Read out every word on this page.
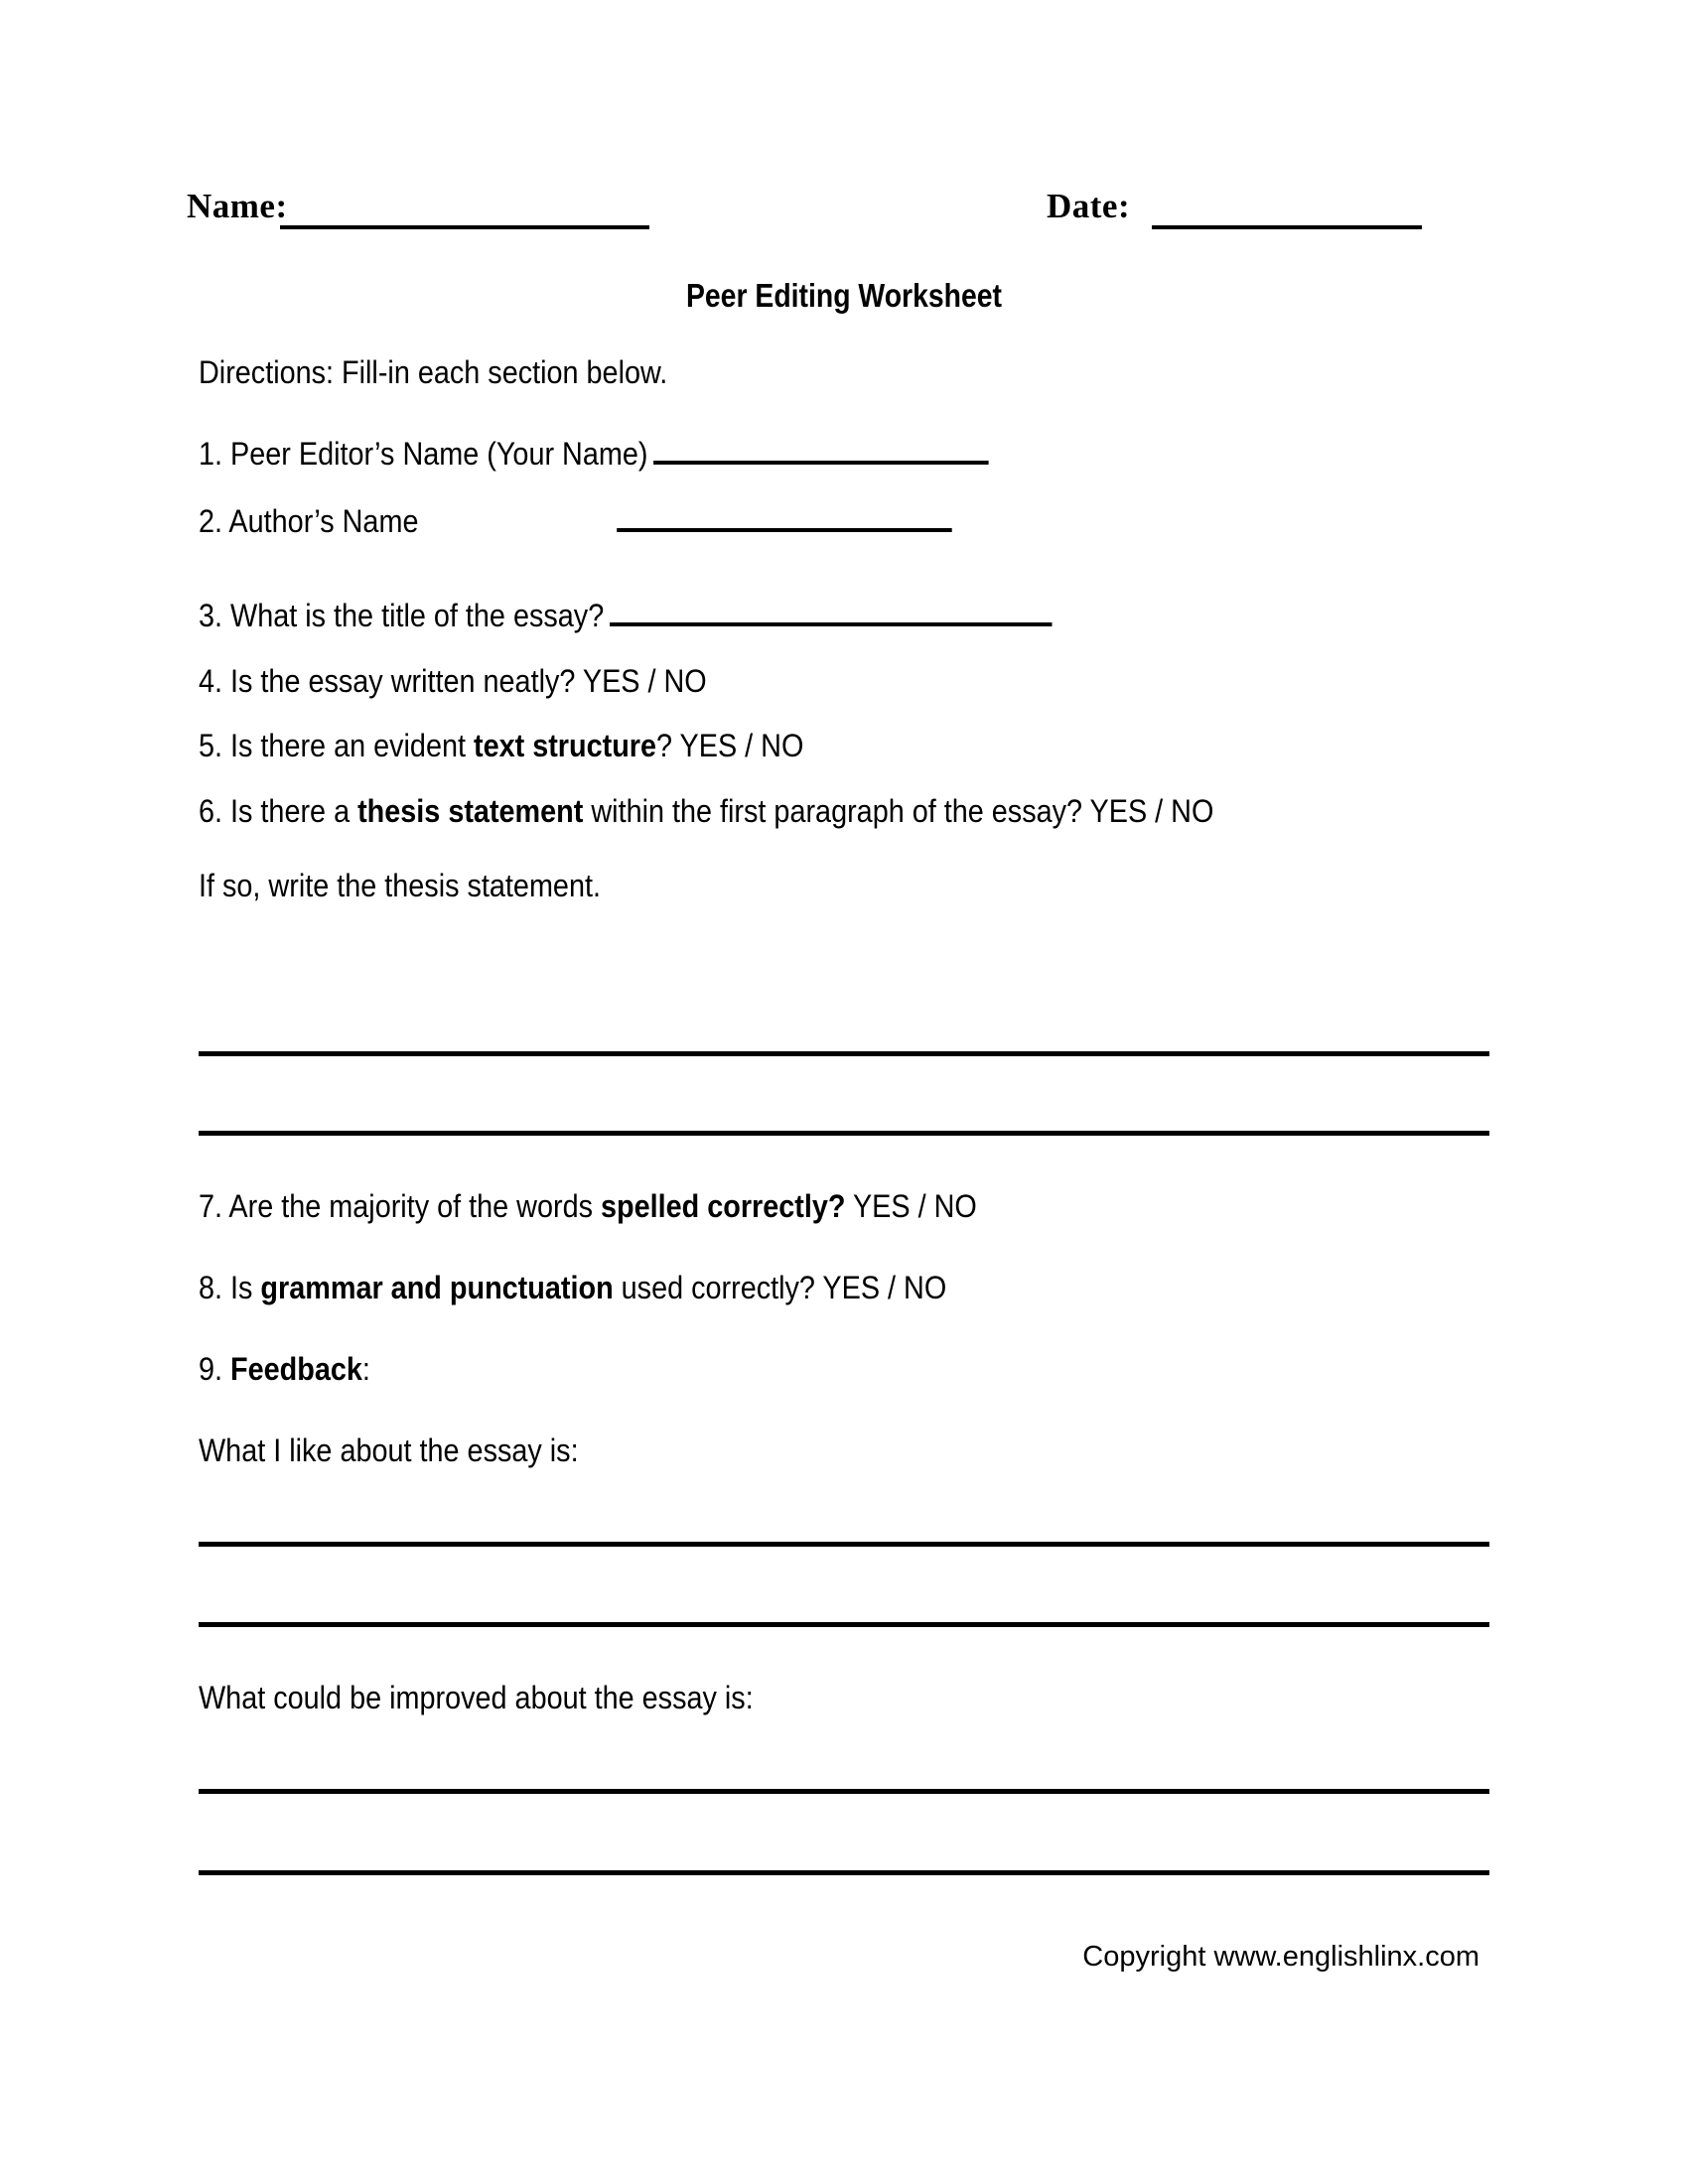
Name:	Date:
Peer Editing Worksheet
Directions: Fill-in each section below.
1. Peer Editor’s Name (Your Name)
2. Author’s Name
3. What is the title of the essay?
4. Is the essay written neatly? YES / NO
5. Is there an evident text structure? YES / NO
6. Is there a thesis statement within the first paragraph of the essay? YES / NO
If so, write the thesis statement.
7. Are the majority of the words spelled correctly? YES / NO
8. Is grammar and punctuation used correctly? YES / NO
9. Feedback:
What I like about the essay is:
What could be improved about the essay is:
Copyright www.englishlinx.com
